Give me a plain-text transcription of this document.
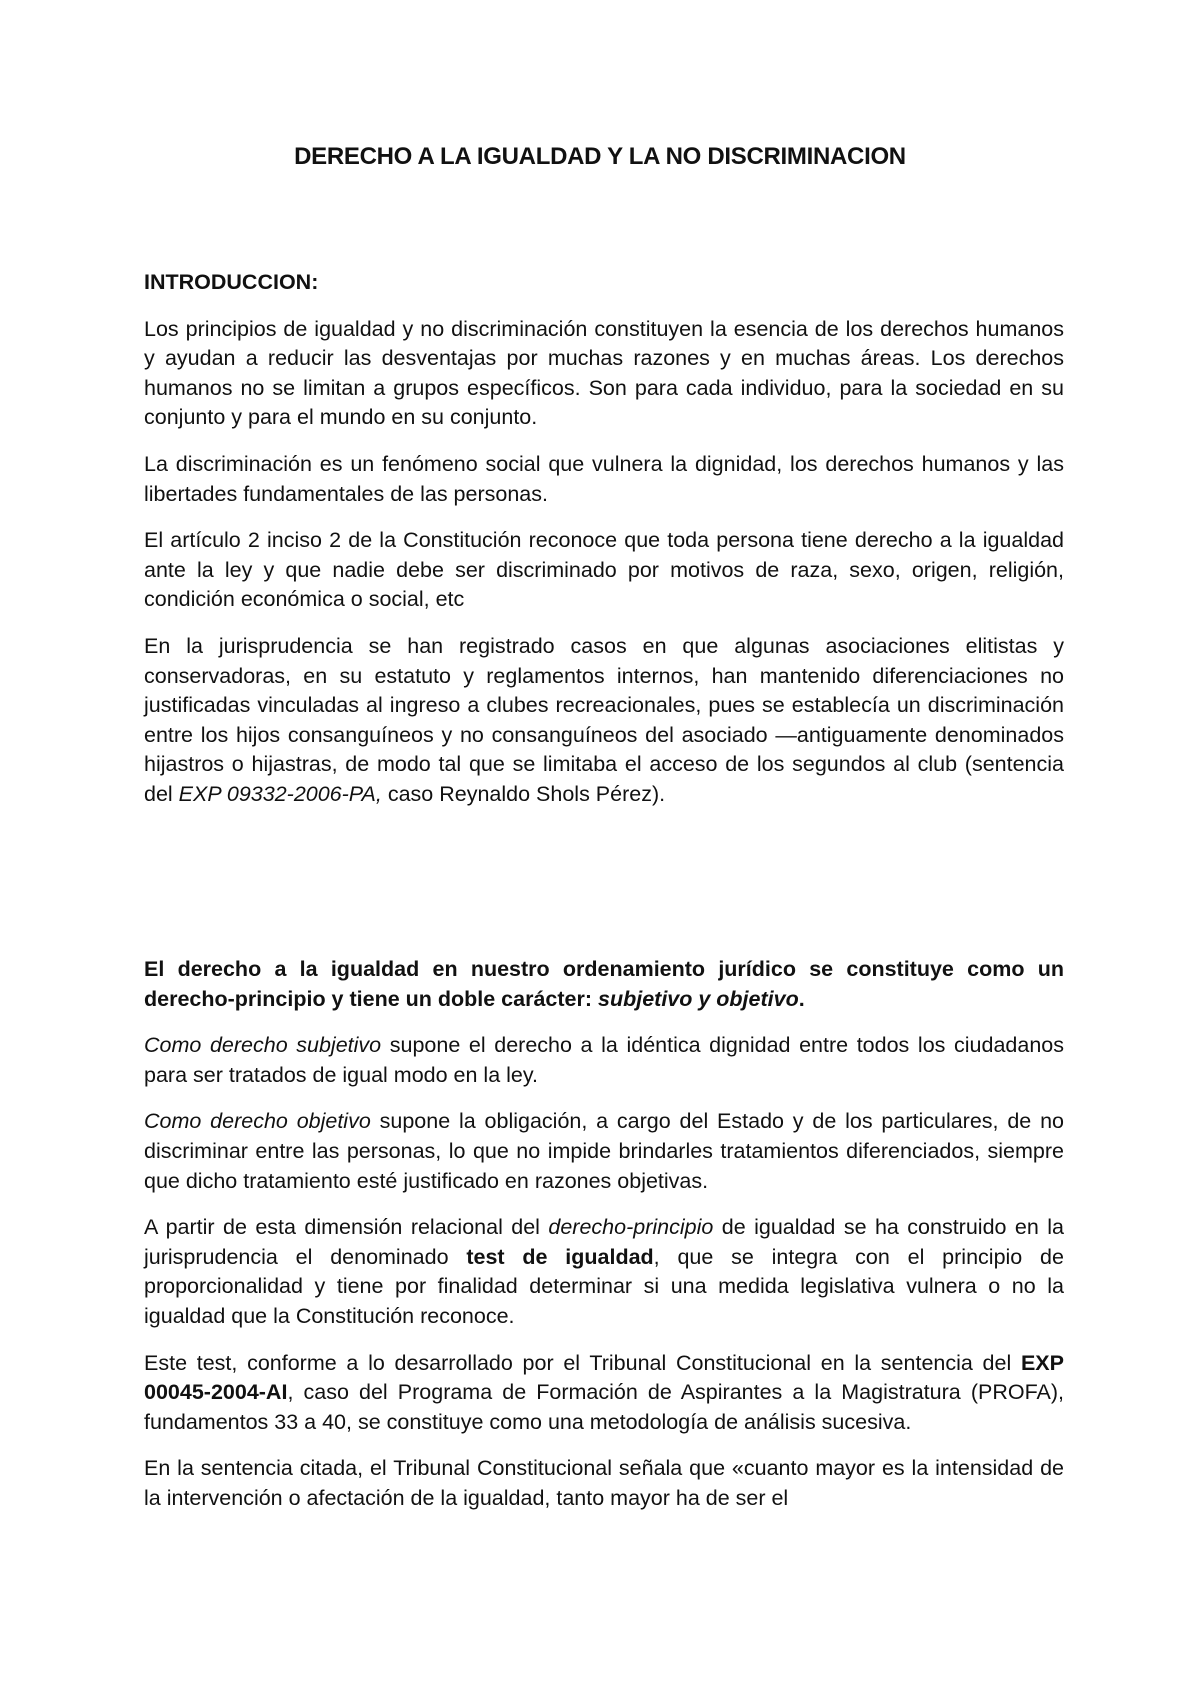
DERECHO A LA IGUALDAD Y LA NO DISCRIMINACION

INTRODUCCION:

Los principios de igualdad y no discriminación constituyen la esencia de los derechos humanos y ayudan a reducir las desventajas por muchas razones y en muchas áreas. Los derechos humanos no se limitan a grupos específicos. Son para cada individuo, para la sociedad en su conjunto y para el mundo en su conjunto.

La discriminación es un fenómeno social que vulnera la dignidad, los derechos humanos y las libertades fundamentales de las personas.

El artículo 2 inciso 2 de la Constitución reconoce que toda persona tiene derecho a la igualdad ante la ley y que nadie debe ser discriminado por motivos de raza, sexo, origen, religión, condición económica o social, etc

En la jurisprudencia se han registrado casos en que algunas asociaciones elitistas y conservadoras, en su estatuto y reglamentos internos, han mantenido diferenciaciones no justificadas vinculadas al ingreso a clubes recreacionales, pues se establecía un discriminación entre los hijos consanguíneos y no consanguíneos del asociado —antiguamente denominados hijastros o hijastras, de modo tal que se limitaba el acceso de los segundos al club (sentencia del EXP 09332-2006-PA, caso Reynaldo Shols Pérez).

El derecho a la igualdad en nuestro ordenamiento jurídico se constituye como un derecho-principio y tiene un doble carácter: subjetivo y objetivo.

Como derecho subjetivo supone el derecho a la idéntica dignidad entre todos los ciudadanos para ser tratados de igual modo en la ley.

Como derecho objetivo supone la obligación, a cargo del Estado y de los particulares, de no discriminar entre las personas, lo que no impide brindarles tratamientos diferenciados, siempre que dicho tratamiento esté justificado en razones objetivas.

A partir de esta dimensión relacional del derecho-principio de igualdad se ha construido en la jurisprudencia el denominado test de igualdad, que se integra con el principio de proporcionalidad y tiene por finalidad determinar si una medida legislativa vulnera o no la igualdad que la Constitución reconoce.

Este test, conforme a lo desarrollado por el Tribunal Constitucional en la sentencia del EXP 00045-2004-AI, caso del Programa de Formación de Aspirantes a la Magistratura (PROFA), fundamentos 33 a 40, se constituye como una metodología de análisis sucesiva.

En la sentencia citada, el Tribunal Constitucional señala que «cuanto mayor es la intensidad de la intervención o afectación de la igualdad, tanto mayor ha de ser el
